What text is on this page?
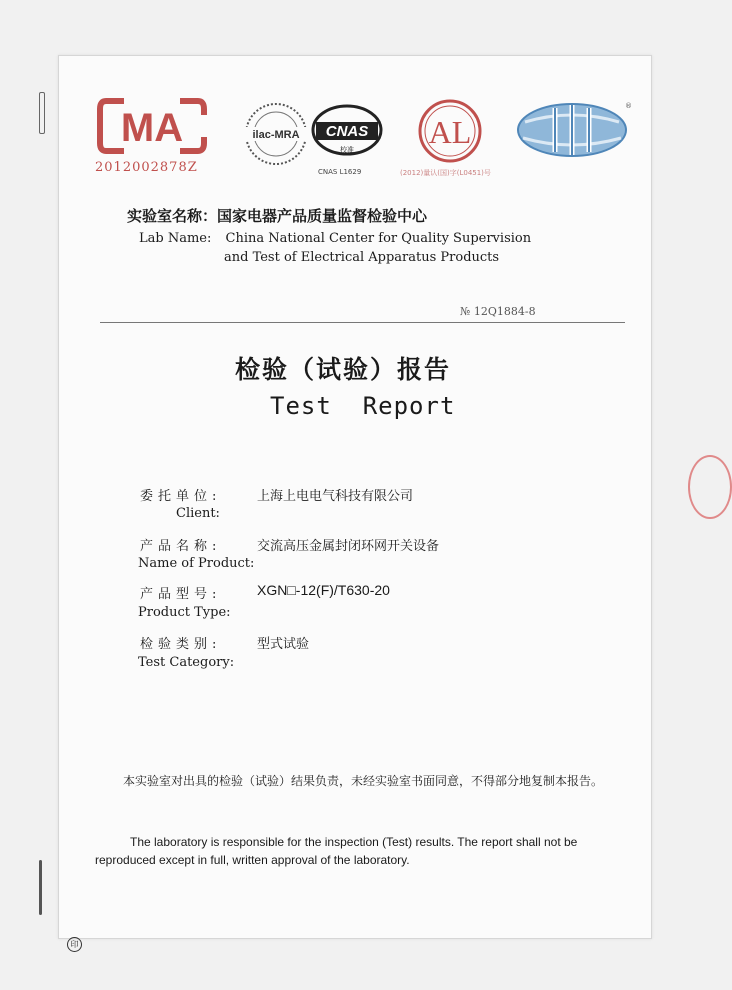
MA
2012002878Z
ilac-MRA CNAS
校准
CNAS L1629
AL
(2012)量认(国)字(L0451)号
®
实验室名称：国家电器产品质量监督检验中心
Lab Name: China National Center for Quality Supervision
and Test of Electrical Apparatus Products
№ 12Q1884-8
检验（试验）报告
Test  Report
委托单位:	上海上电电气科技有限公司
Client:
产品名称:	交流高压金属封闭环网开关设备
Name of Product:
产品型号:	XGN□-12(F)/T630-20
Product Type:
检验类别:	型式试验
Test Category:
本实验室对出具的检验（试验）结果负责，未经实验室书面同意，不得部分地复制本报告。
The laboratory is responsible for the inspection (Test) results. The report shall not be reproduced except in full, written approval of the laboratory.
印
